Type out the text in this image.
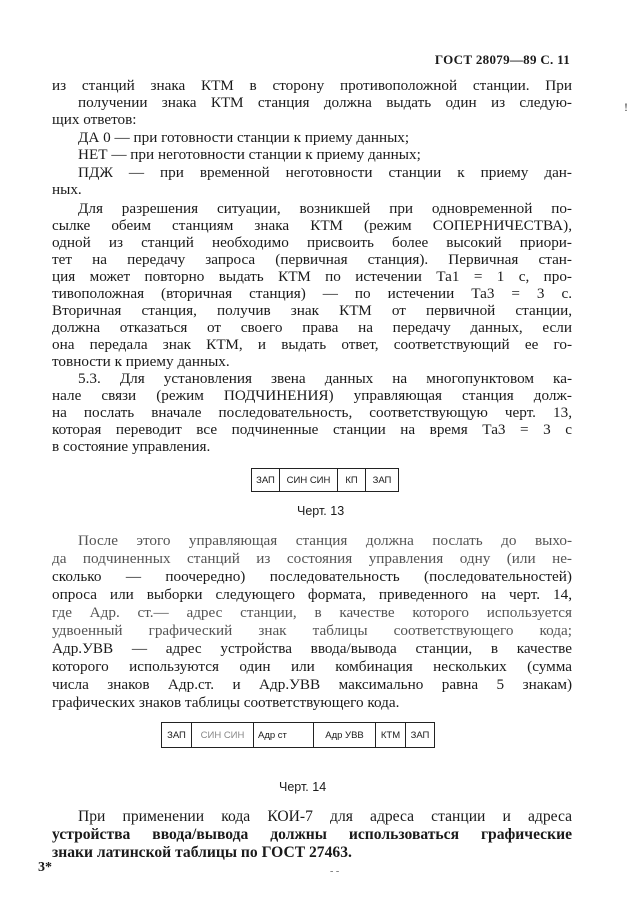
ГОСТ 28079—89 С. 11
!
из станций знака КТМ в сторону противоположной станции. При
получении знака КТМ станция должна выдать один из следую-
щих ответов:
ДА 0 — при готовности станции к приему данных;
НЕТ — при неготовности станции к приему данных;
ПДЖ — при временной неготовности станции к приему дан-
ных.
Для разрешения ситуации, возникшей при одновременной по-
сылке обеим станциям знака КТМ (режим СОПЕРНИЧЕСТВА),
одной из станций необходимо присвоить более высокий приори-
тет на передачу запроса (первичная станция). Первичная стан-
ция может повторно выдать КТМ по истечении Та1 = 1 с, про-
тивоположная (вторичная станция) — по истечении Та3 = 3 с.
Вторичная станция, получив знак КТМ от первичной станции,
должна отказаться от своего права на передачу данных, если
она передала знак КТМ, и выдать ответ, соответствующий ее го-
товности к приему данных.
5.3. Для установления звена данных на многопунктовом ка-
нале связи (режим ПОДЧИНЕНИЯ) управляющая станция долж-
на послать вначале последовательность, соответствующую черт. 13,
которая переводит все подчиненные станции на время Та3 = 3 с
в состояние управления.
ЗАП	СИН СИН	КП	ЗАП
Черт. 13
После этого управляющая станция должна послать до выхо-
да подчиненных станций из состояния управления одну (или не-
сколько — поочередно) последовательность (последовательностей)
опроса или выборки следующего формата, приведенного на черт. 14,
где Адр. ст.— адрес станции, в качестве которого используется
удвоенный графический знак таблицы соответствующего кода;
Адр.УВВ — адрес устройства ввода/вывода станции, в качестве
которого используются один или комбинация нескольких (сумма
числа знаков Адр.ст. и Адр.УВВ максимально равна 5 знакам)
графических знаков таблицы соответствующего кода.
ЗАП	СИН СИН	Адр ст	Адр УВВ	КТМ	ЗАП
Черт. 14
При применении кода КОИ-7 для адреса станции и адреса
устройства ввода/вывода должны использоваться графические
знаки латинской таблицы по ГОСТ 27463.
3*	- -
